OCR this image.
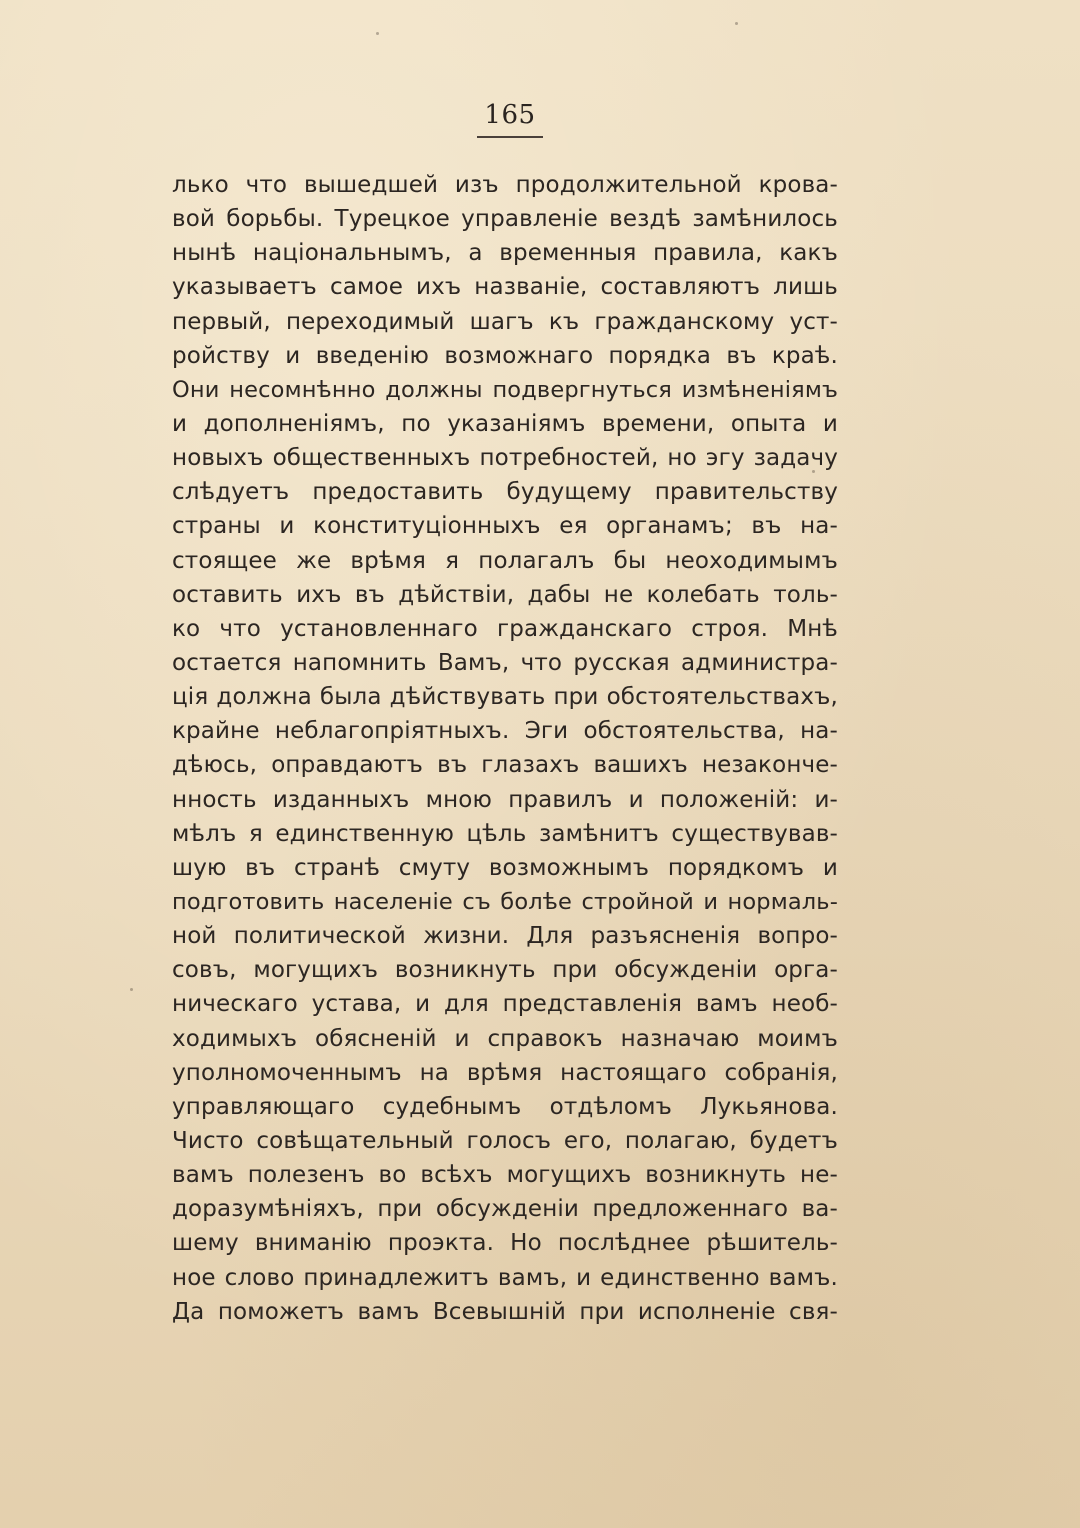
165
лько что вышедшей изъ продолжительной крова-
вой борьбы. Турецкое управленіе вездѣ замѣнилось
нынѣ національнымъ, а временныя правила, какъ
указываетъ самое ихъ названіе, составляютъ лишь
первый, переходимый шагъ къ гражданскому уст-
ройству и введенію возможнаго порядка въ краѣ.
Они несомнѣнно должны подвергнуться измѣненіямъ
и дополненіямъ, по указаніямъ времени, опыта и
новыхъ общественныхъ потребностей, но эгу задачу
слѣдуетъ предоставить будущему правительству
страны и конституціонныхъ ея органамъ; въ на-
стоящее же врѣмя я полагалъ бы неоходимымъ
оставить ихъ въ дѣйствіи, дабы не колебать толь-
ко что установленнаго гражданскаго строя. Мнѣ
остается напомнить Вамъ, что русская администра-
ція должна была дѣйствувать при обстоятельствахъ,
крайне неблагопріятныхъ. Эги обстоятельства, на-
дѣюсь, оправдаютъ въ глазахъ вашихъ незаконче-
нность изданныхъ мною правилъ и положеній: и-
мѣлъ я единственную цѣль замѣнитъ существував-
шую въ странѣ смуту возможнымъ порядкомъ и
подготовить населеніе съ болѣе стройной и нормаль-
ной политической жизни. Для разъясненія вопро-
совъ, могущихъ возникнуть при обсужденіи орга-
ническаго устава, и для представленія вамъ необ-
ходимыхъ обясненій и справокъ назначаю моимъ
уполномоченнымъ на врѣмя настоящаго собранія,
управляющаго судебнымъ отдѣломъ Лукьянова.
Чисто совѣщательный голосъ его, полагаю, будетъ
вамъ полезенъ во всѣхъ могущихъ возникнуть не-
доразумѣніяхъ, при обсужденіи предложеннаго ва-
шему вниманію проэкта. Но послѣднее рѣшитель-
ное слово принадлежитъ вамъ, и единственно вамъ.
Да поможетъ вамъ Всевышній при исполненіе свя-
